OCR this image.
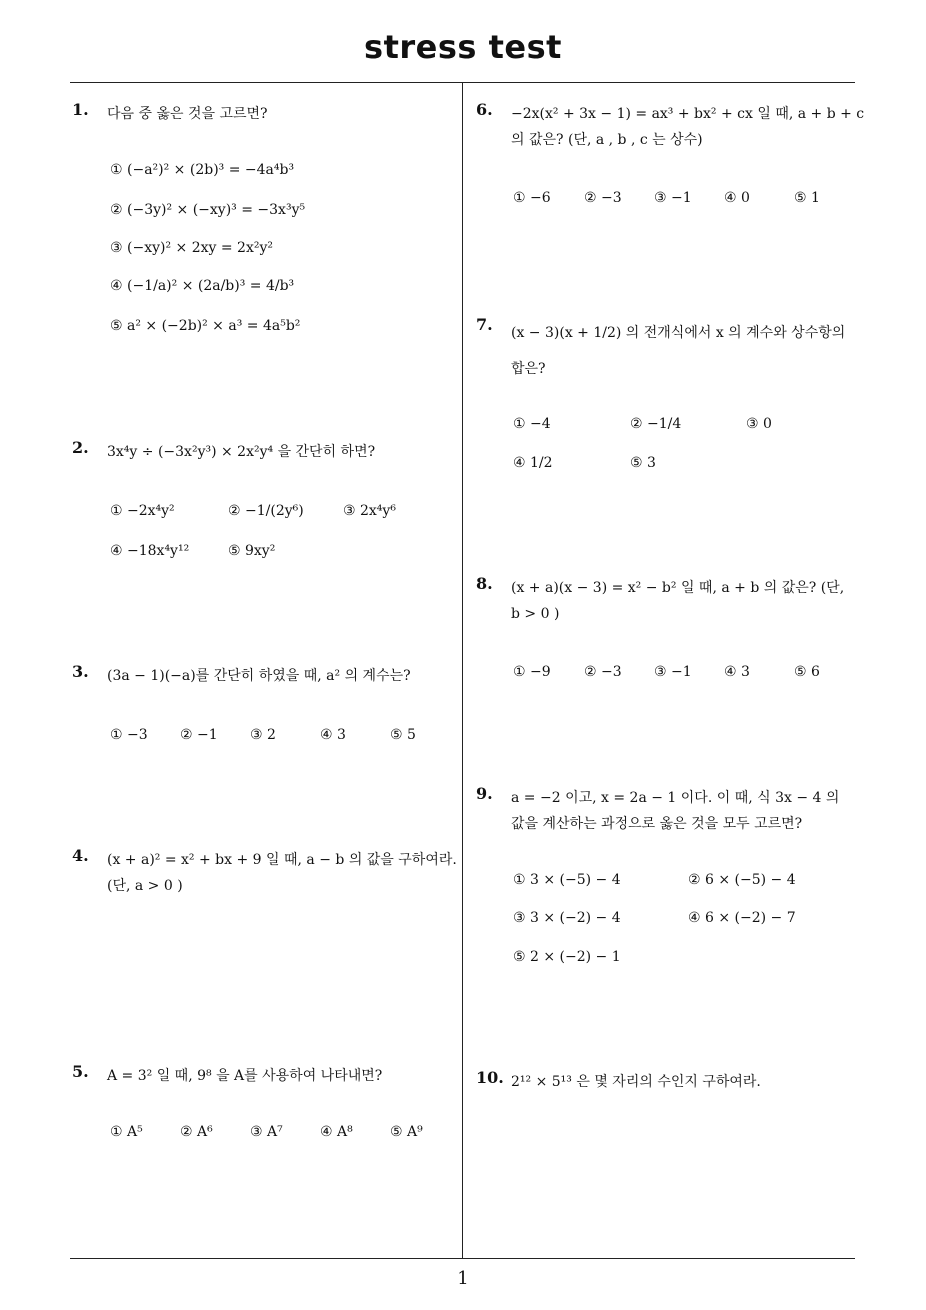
stress test
1
1. 다음 중 옳은 것을 고르면?
① (−a²)² × (2b)³ = −4a⁴b³
② (−3y)² × (−xy)³ = −3x³y⁵
③ (−xy)² × 2xy = 2x²y²
④ (−1/a)² × (2a/b)³ = 4/b³
⑤ a² × (−2b)² × a³ = 4a⁵b²
2. 3x⁴y ÷ (−3x²y³) × 2x²y⁴ 을 간단히 하면?
① −2x⁴y²	② −1/(2y⁶)	③ 2x⁴y⁶
④ −18x⁴y¹²	⑤ 9xy²
3. (3a − 1)(−a)를 간단히 하였을 때, a² 의 계수는?
① −3 ② −1 ③ 2	④ 3	⑤ 5
4. (x + a)² = x² + bx + 9 일 때, a − b 의 값을 구하여라.
(단, a > 0 )
5. A = 3² 일 때, 9⁸ 을 A를 사용하여 나타내면?
① A⁵	② A⁶	③ A⁷	④ A⁸	⑤ A⁹
6. −2x(x² + 3x − 1) = ax³ + bx² + cx 일 때, a + b + c
의 값은? (단, a , b , c 는 상수)
① −6 ② −3 ③ −1 ④ 0	⑤ 1
7. (x − 3)(x + 1/2) 의 전개식에서 x 의 계수와 상수항의
합은?
① −4	② −1/4	③ 0
④ 1/2	⑤ 3
8. (x + a)(x − 3) = x² − b² 일 때, a + b 의 값은? (단,
b > 0 )
① −9 ② −3 ③ −1 ④ 3	⑤ 6
9. a = −2 이고, x = 2a − 1 이다. 이 때, 식 3x − 4 의
값을 계산하는 과정으로 옳은 것을 모두 고르면?
① 3 × (−5) − 4	② 6 × (−5) − 4
③ 3 × (−2) − 4	④ 6 × (−2) − 7
⑤ 2 × (−2) − 1
10. 2¹² × 5¹³ 은 몇 자리의 수인지 구하여라.
